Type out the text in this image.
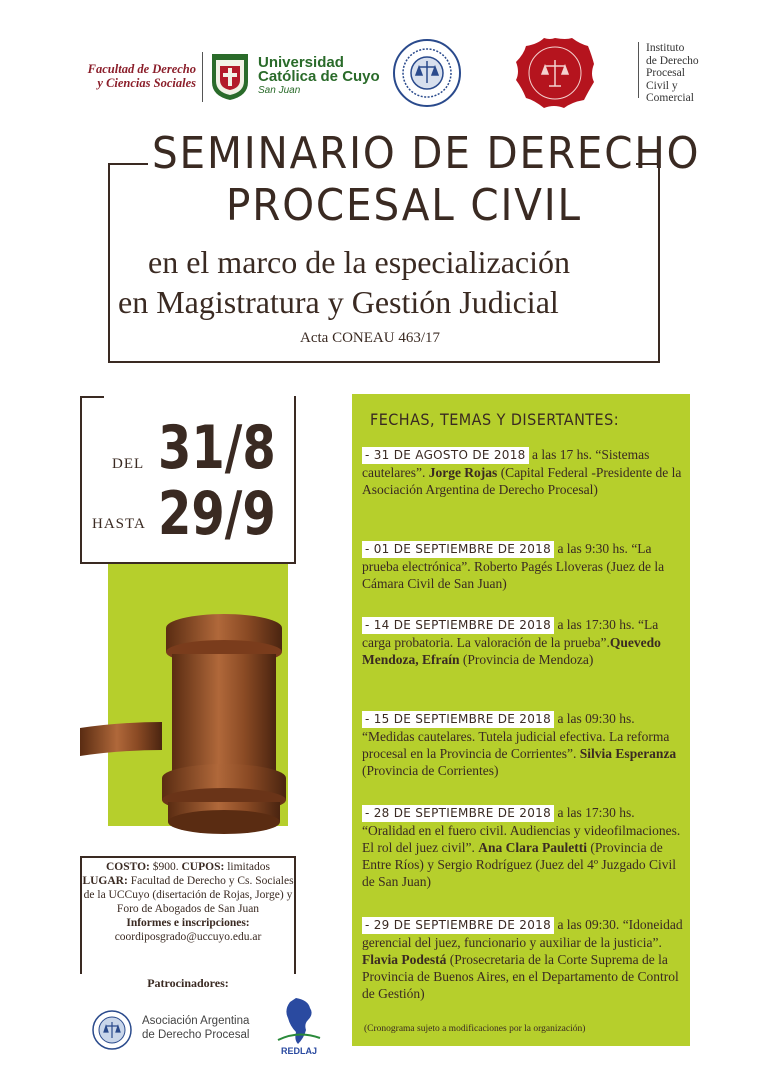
Facultad de Derecho
y Ciencias Sociales
Universidad
Católica de Cuyo
San Juan
Instituto
de Derecho
Procesal
Civil y
Comercial
SEMINARIO DE DERECHO
PROCESAL CIVIL
en el marco de la especialización
en Magistratura y Gestión Judicial
Acta CONEAU 463/17
DEL 31/8
HASTA 29/9
COSTO: $900. CUPOS: limitados
LUGAR: Facultad de Derecho y Cs. Sociales de la UCCuyo (disertación de Rojas, Jorge) y Foro de Abogados de San Juan
Informes e inscripciones:
coordiposgrado@uccuyo.edu.ar
Patrocinadores:
Asociación Argentina
de Derecho Procesal
REDLAJ
FECHAS, TEMAS Y DISERTANTES:
- 31 DE AGOSTO DE 2018 a las 17 hs. “Sistemas cautelares”. Jorge Rojas (Capital Federal -Presidente de la Asociación Argentina de Derecho Procesal)
- 01 DE SEPTIEMBRE DE 2018 a las 9:30 hs. “La prueba electrónica”. Roberto Pagés Lloveras (Juez de la Cámara Civil de San Juan)
- 14 DE SEPTIEMBRE DE 2018 a las 17:30 hs. “La carga probatoria. La valoración de la prueba”.Quevedo Mendoza, Efraín (Provincia de Mendoza)
- 15 DE SEPTIEMBRE DE 2018 a las 09:30 hs. “Medidas cautelares. Tutela judicial efectiva. La reforma procesal en la Provincia de Corrientes”. Silvia Esperanza (Provincia de Corrientes)
- 28 DE SEPTIEMBRE DE 2018 a las 17:30 hs. “Oralidad en el fuero civil. Audiencias y videofilmaciones. El rol del juez civil”. Ana Clara Pauletti (Provincia de Entre Ríos) y Sergio Rodríguez (Juez del 4º Juzgado Civil de San Juan)
- 29 DE SEPTIEMBRE DE 2018 a las 09:30. “Idoneidad gerencial del juez, funcionario y auxiliar de la justicia”. Flavia Podestá (Prosecretaria de la Corte Suprema de la Provincia de Buenos Aires, en el Departamento de Control de Gestión)
(Cronograma sujeto a modificaciones por la organización)
